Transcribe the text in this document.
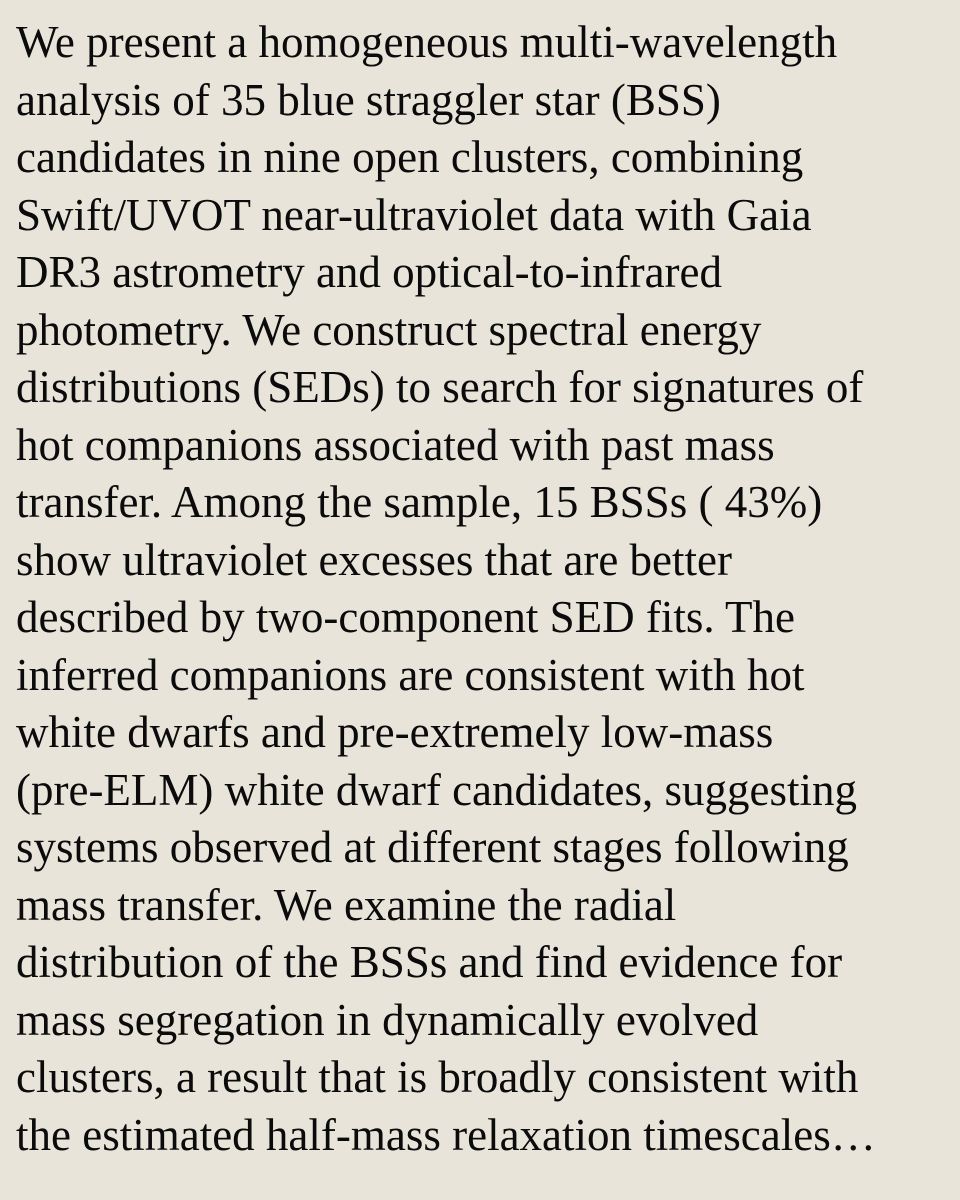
We present a homogeneous multi-wavelength
analysis of 35 blue straggler star (BSS)
candidates in nine open clusters, combining
Swift/UVOT near-ultraviolet data with Gaia
DR3 astrometry and optical-to-infrared
photometry. We construct spectral energy
distributions (SEDs) to search for signatures of
hot companions associated with past mass
transfer. Among the sample, 15 BSSs ( 43%)
show ultraviolet excesses that are better
described by two-component SED fits. The
inferred companions are consistent with hot
white dwarfs and pre-extremely low-mass
(pre-ELM) white dwarf candidates, suggesting
systems observed at different stages following
mass transfer. We examine the radial
distribution of the BSSs and find evidence for
mass segregation in dynamically evolved
clusters, a result that is broadly consistent with
the estimated half-mass relaxation timescales…
